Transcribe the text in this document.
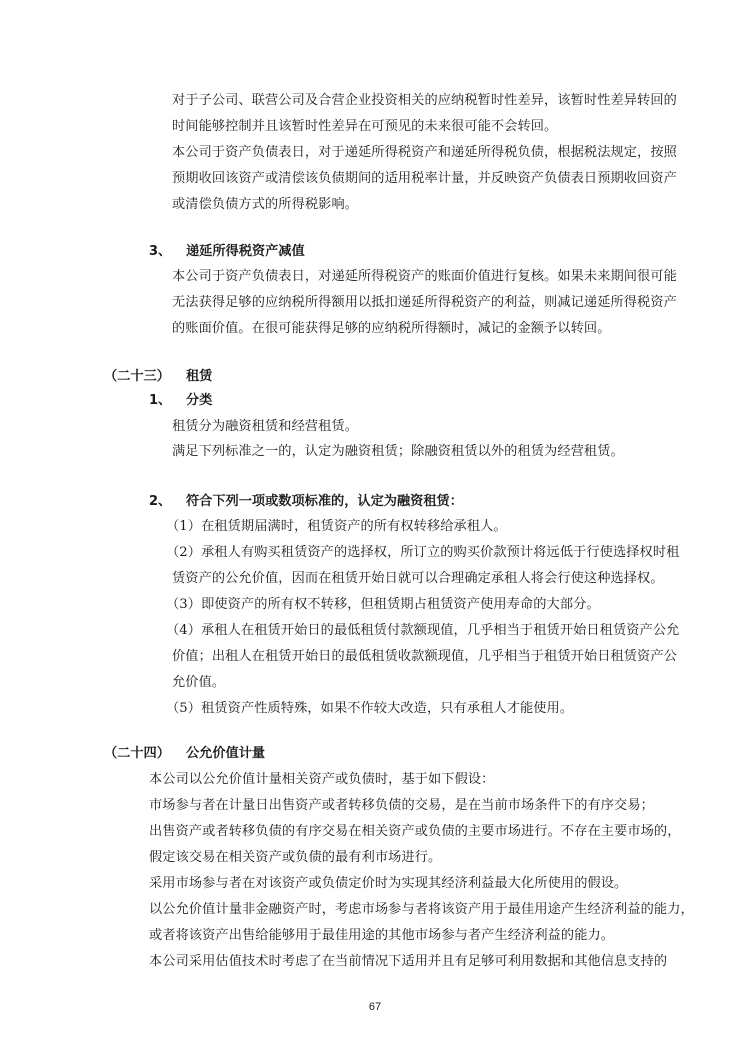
对于子公司、联营公司及合营企业投资相关的应纳税暂时性差异，该暂时性差异转回的
时间能够控制并且该暂时性差异在可预见的未来很可能不会转回。
本公司于资产负债表日，对于递延所得税资产和递延所得税负债，根据税法规定，按照
预期收回该资产或清偿该负债期间的适用税率计量，并反映资产负债表日预期收回资产
或清偿负债方式的所得税影响。
3、 递延所得税资产减值
本公司于资产负债表日，对递延所得税资产的账面价值进行复核。如果未来期间很可能
无法获得足够的应纳税所得额用以抵扣递延所得税资产的利益，则减记递延所得税资产
的账面价值。在很可能获得足够的应纳税所得额时，减记的金额予以转回。
（二十三） 租赁
1、 分类
租赁分为融资租赁和经营租赁。
满足下列标准之一的，认定为融资租赁；除融资租赁以外的租赁为经营租赁。
2、 符合下列一项或数项标准的，认定为融资租赁：
（1）在租赁期届满时，租赁资产的所有权转移给承租人。
（2）承租人有购买租赁资产的选择权，所订立的购买价款预计将远低于行使选择权时租
赁资产的公允价值，因而在租赁开始日就可以合理确定承租人将会行使这种选择权。
（3）即使资产的所有权不转移，但租赁期占租赁资产使用寿命的大部分。
（4）承租人在租赁开始日的最低租赁付款额现值，几乎相当于租赁开始日租赁资产公允
价值；出租人在租赁开始日的最低租赁收款额现值，几乎相当于租赁开始日租赁资产公
允价值。
（5）租赁资产性质特殊，如果不作较大改造，只有承租人才能使用。
（二十四） 公允价值计量
本公司以公允价值计量相关资产或负债时，基于如下假设：
市场参与者在计量日出售资产或者转移负债的交易，是在当前市场条件下的有序交易；
出售资产或者转移负债的有序交易在相关资产或负债的主要市场进行。不存在主要市场的，
假定该交易在相关资产或负债的最有利市场进行。
采用市场参与者在对该资产或负债定价时为实现其经济利益最大化所使用的假设。
以公允价值计量非金融资产时，考虑市场参与者将该资产用于最佳用途产生经济利益的能力，
或者将该资产出售给能够用于最佳用途的其他市场参与者产生经济利益的能力。
本公司采用估值技术时考虑了在当前情况下适用并且有足够可利用数据和其他信息支持的
67
